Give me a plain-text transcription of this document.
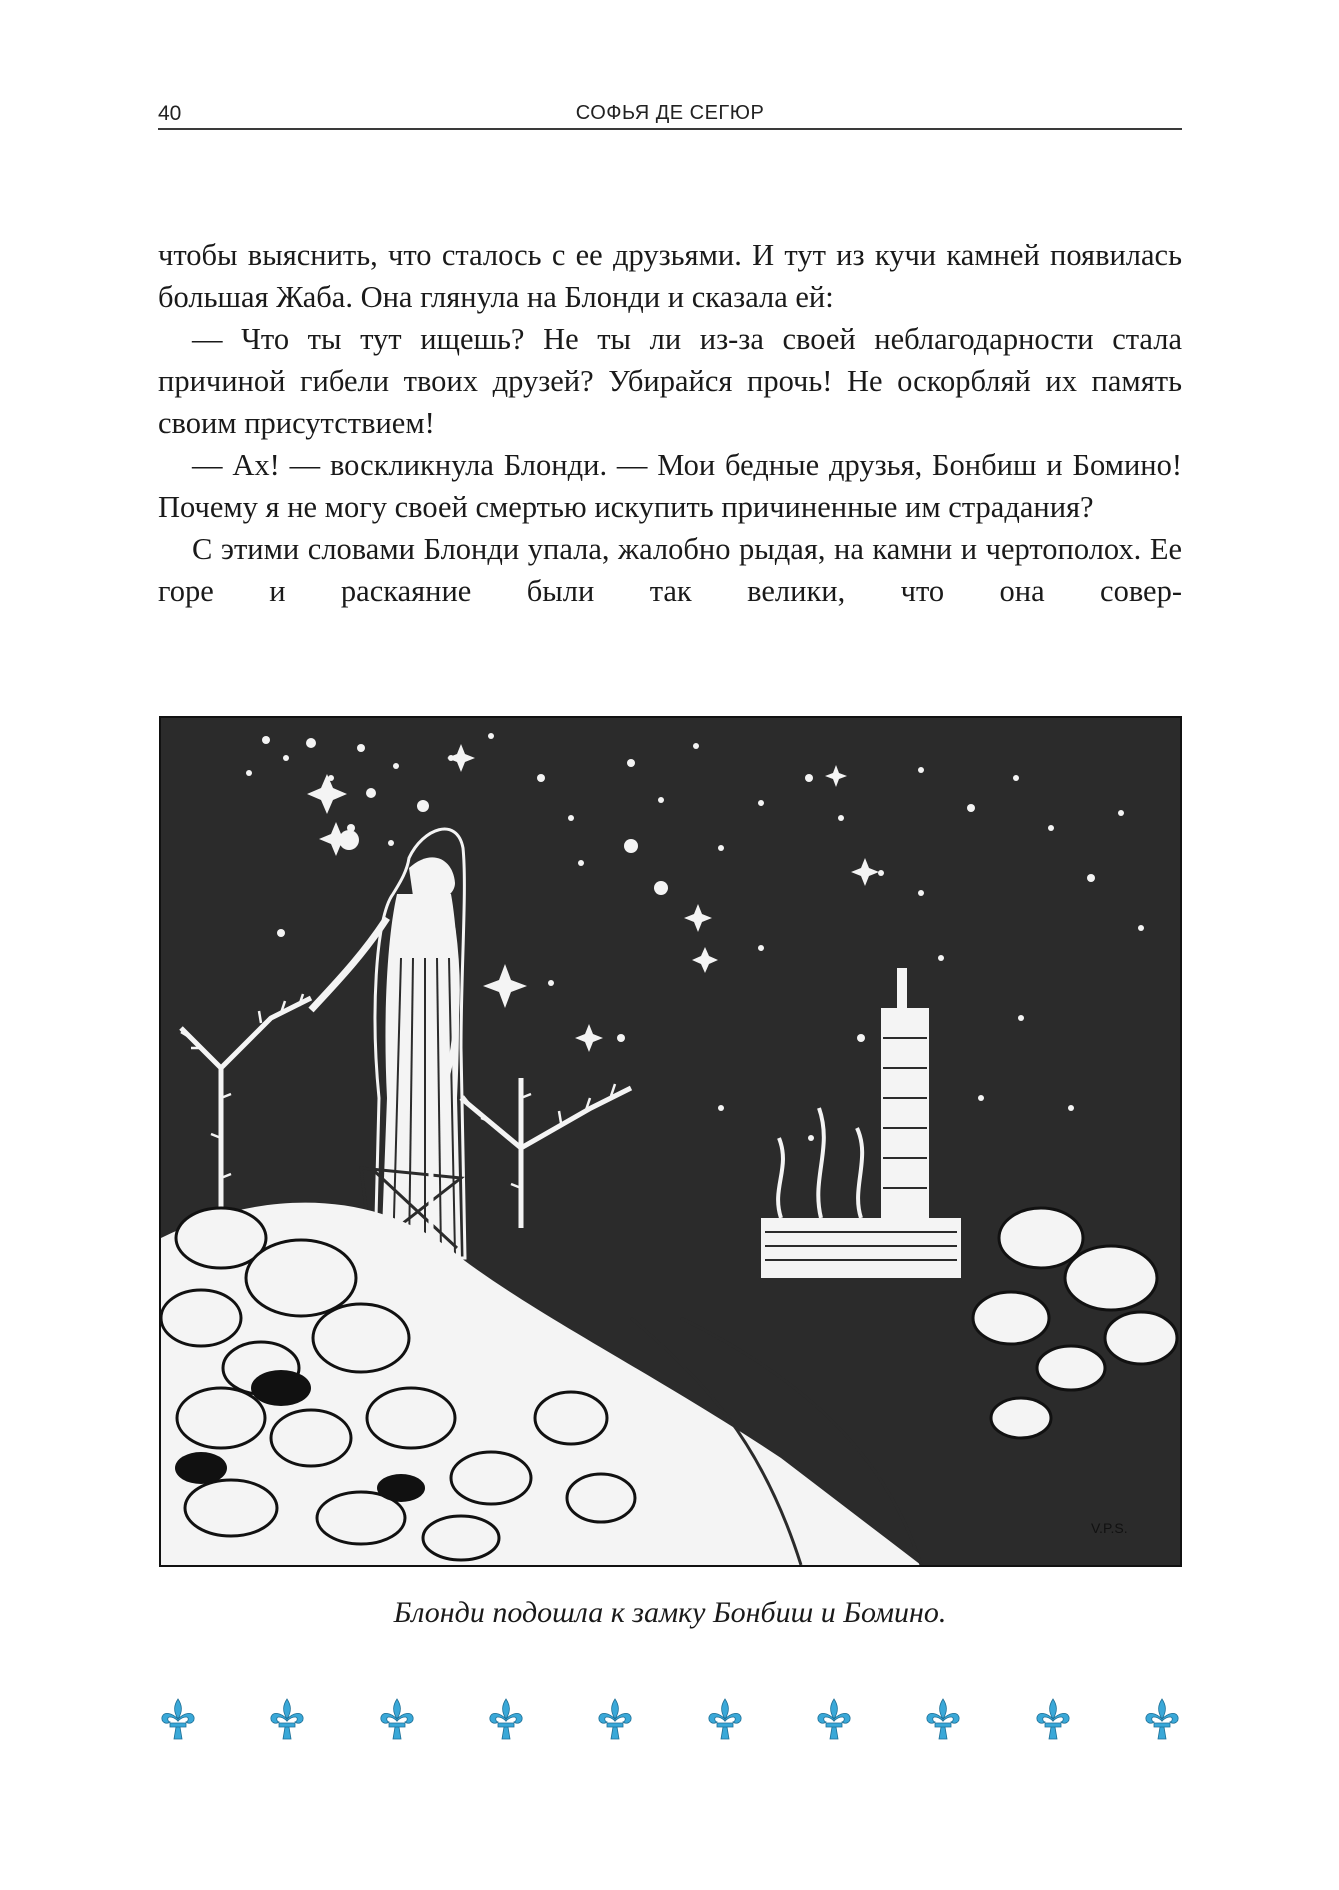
40	СОФЬЯ ДЕ СЕГЮР

чтобы выяснить, что сталось с ее друзьями. И тут из кучи камней появилась большая Жаба. Она глянула на Блонди и сказала ей:

— Что ты тут ищешь? Не ты ли из-за своей неблагодарности стала причиной гибели твоих друзей? Убирайся прочь! Не оскорбляй их память своим присутствием!

— Ах! — воскликнула Блонди. — Мои бедные друзья, Бонбиш и Бомино! Почему я не могу своей смертью искупить причиненные им страдания?

С этими словами Блонди упала, жалобно рыдая, на камни и чертополох. Ее горе и раскаяние были так велики, что она совер-

V.P.S.
Блонди подошла к замку Бонбиш и Бомино.
